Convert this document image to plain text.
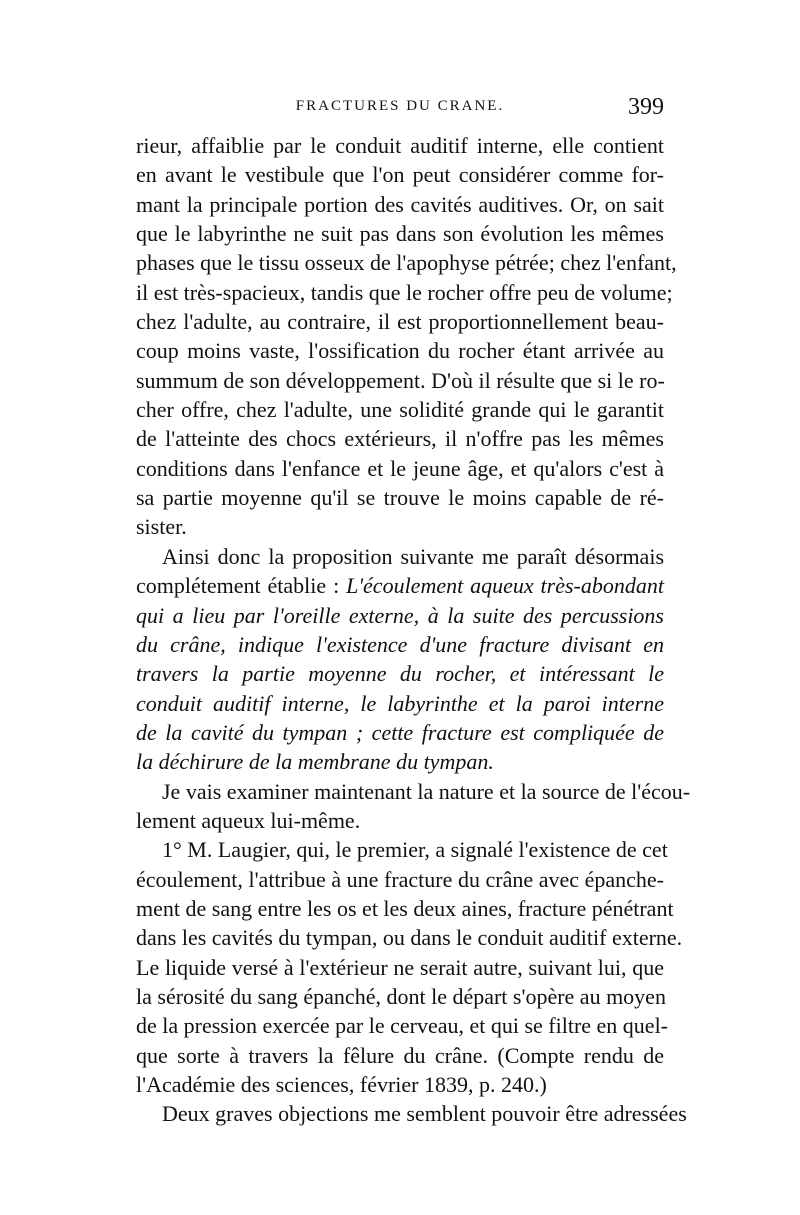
FRACTURES DU CRANE.	399
rieur, affaiblie par le conduit auditif interne, elle contient
en avant le vestibule que l'on peut considérer comme for-
mant la principale portion des cavités auditives. Or, on sait
que le labyrinthe ne suit pas dans son évolution les mêmes
phases que le tissu osseux de l'apophyse pétrée; chez l'enfant,
il est très-spacieux, tandis que le rocher offre peu de volume;
chez l'adulte, au contraire, il est proportionnellement beau-
coup moins vaste, l'ossification du rocher étant arrivée au
summum de son développement. D'où il résulte que si le ro-
cher offre, chez l'adulte, une solidité grande qui le garantit
de l'atteinte des chocs extérieurs, il n'offre pas les mêmes
conditions dans l'enfance et le jeune âge, et qu'alors c'est à
sa partie moyenne qu'il se trouve le moins capable de ré-
sister.
Ainsi donc la proposition suivante me paraît désormais
complétement établie : L'écoulement aqueux très-abondant
qui a lieu par l'oreille externe, à la suite des percussions
du crâne, indique l'existence d'une fracture divisant en
travers la partie moyenne du rocher, et intéressant le
conduit auditif interne, le labyrinthe et la paroi interne
de la cavité du tympan ; cette fracture est compliquée de
la déchirure de la membrane du tympan.
Je vais examiner maintenant la nature et la source de l'écou-
lement aqueux lui-même.
1° M. Laugier, qui, le premier, a signalé l'existence de cet
écoulement, l'attribue à une fracture du crâne avec épanche-
ment de sang entre les os et les deux aines, fracture pénétrant
dans les cavités du tympan, ou dans le conduit auditif externe.
Le liquide versé à l'extérieur ne serait autre, suivant lui, que
la sérosité du sang épanché, dont le départ s'opère au moyen
de la pression exercée par le cerveau, et qui se filtre en quel-
que sorte à travers la fêlure du crâne. (Compte rendu de
l'Académie des sciences, février 1839, p. 240.)
Deux graves objections me semblent pouvoir être adressées
